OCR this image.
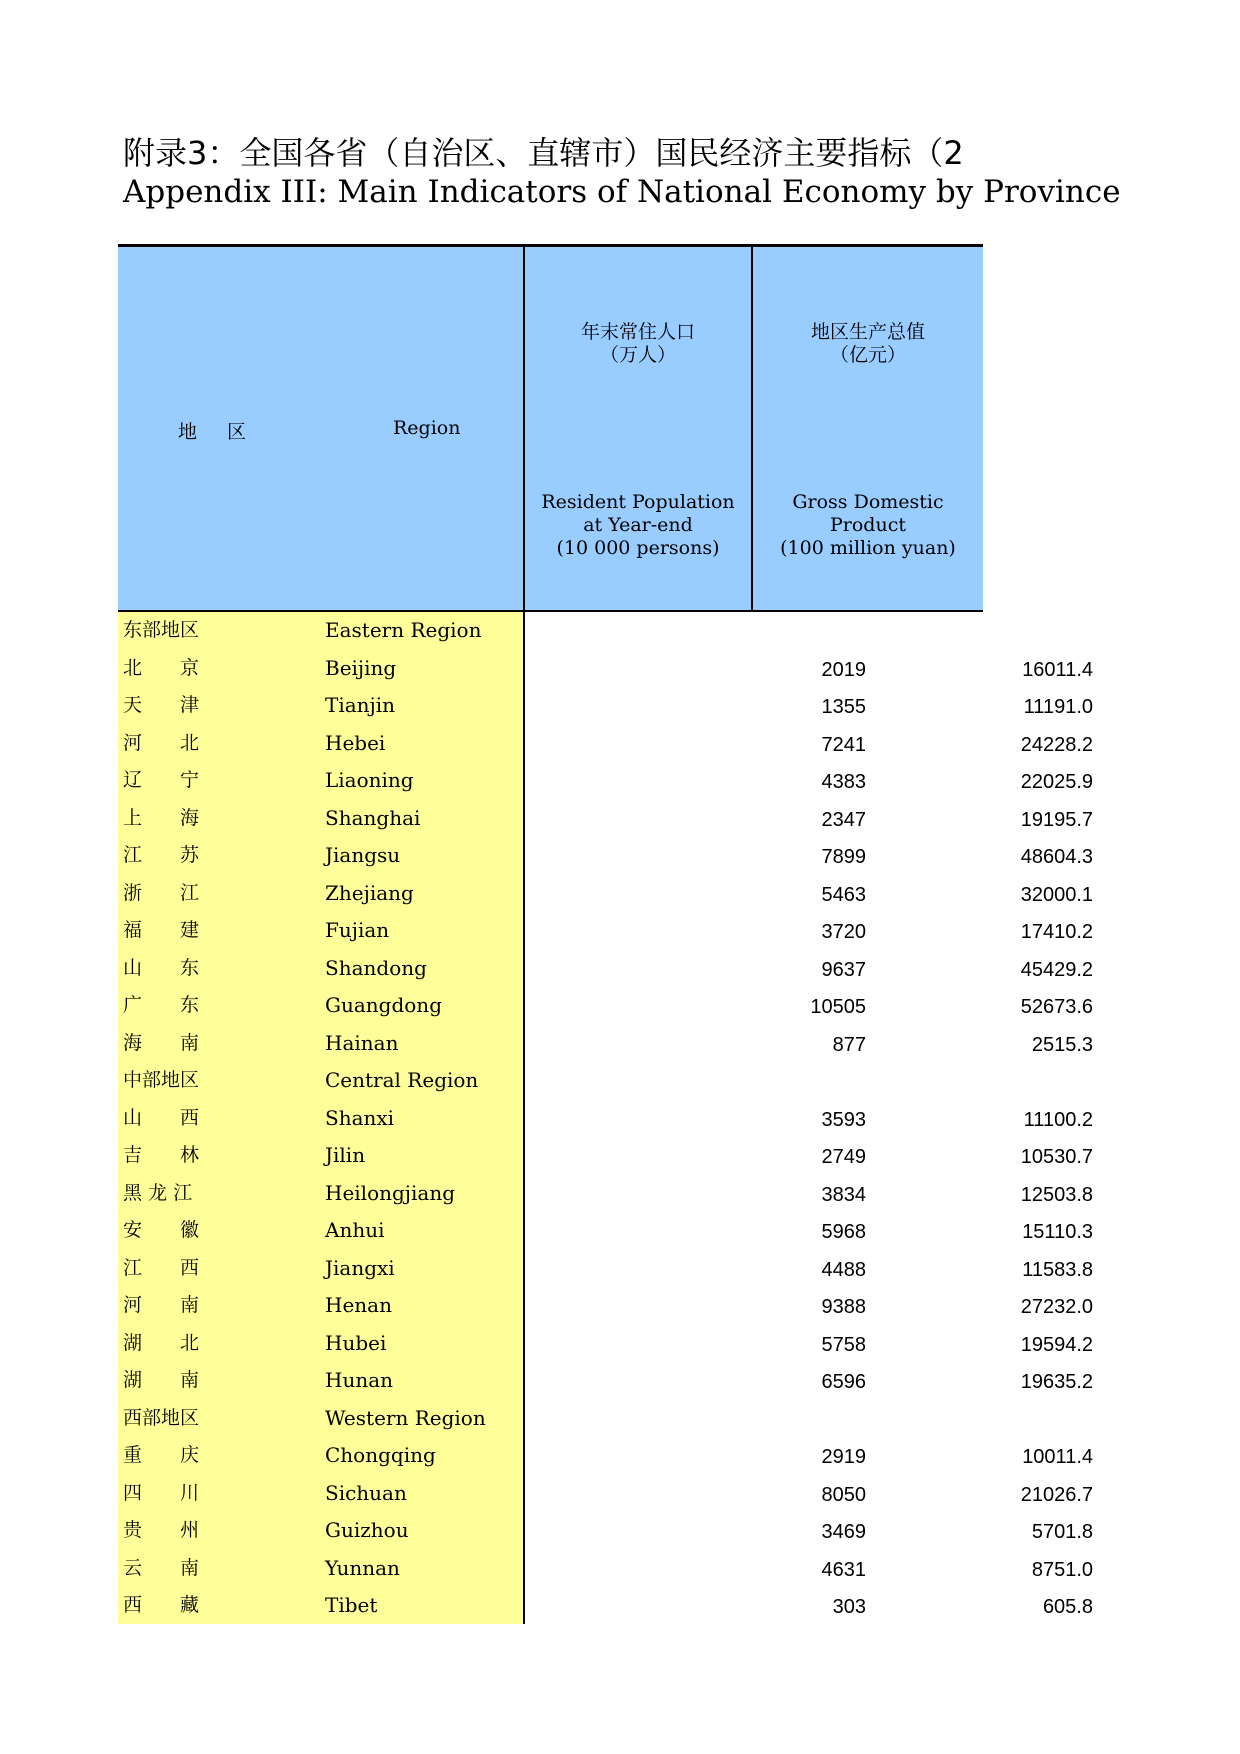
附录3：全国各省（自治区、直辖市）国民经济主要指标（2
Appendix III: Main Indicators of National Economy by Province
地 区	Region
年末常住人口
（万人）
Resident Population
at Year-end
(10 000 persons)
地区生产总值
（亿元）
Gross Domestic
Product
(100 million yuan)
东部地区	Eastern Region
北　　京	Beijing	2019	16011.4
天　　津	Tianjin	1355	11191.0
河　　北	Hebei	7241	24228.2
辽　　宁	Liaoning	4383	22025.9
上　　海	Shanghai	2347	19195.7
江　　苏	Jiangsu	7899	48604.3
浙　　江	Zhejiang	5463	32000.1
福　　建	Fujian	3720	17410.2
山　　东	Shandong	9637	45429.2
广　　东	Guangdong	10505	52673.6
海　　南	Hainan	877	2515.3
中部地区	Central Region
山　　西	Shanxi	3593	11100.2
吉　　林	Jilin	2749	10530.7
黑 龙 江	Heilongjiang	3834	12503.8
安　　徽	Anhui	5968	15110.3
江　　西	Jiangxi	4488	11583.8
河　　南	Henan	9388	27232.0
湖　　北	Hubei	5758	19594.2
湖　　南	Hunan	6596	19635.2
西部地区	Western Region
重　　庆	Chongqing	2919	10011.4
四　　川	Sichuan	8050	21026.7
贵　　州	Guizhou	3469	5701.8
云　　南	Yunnan	4631	8751.0
西　　藏	Tibet	303	605.8
